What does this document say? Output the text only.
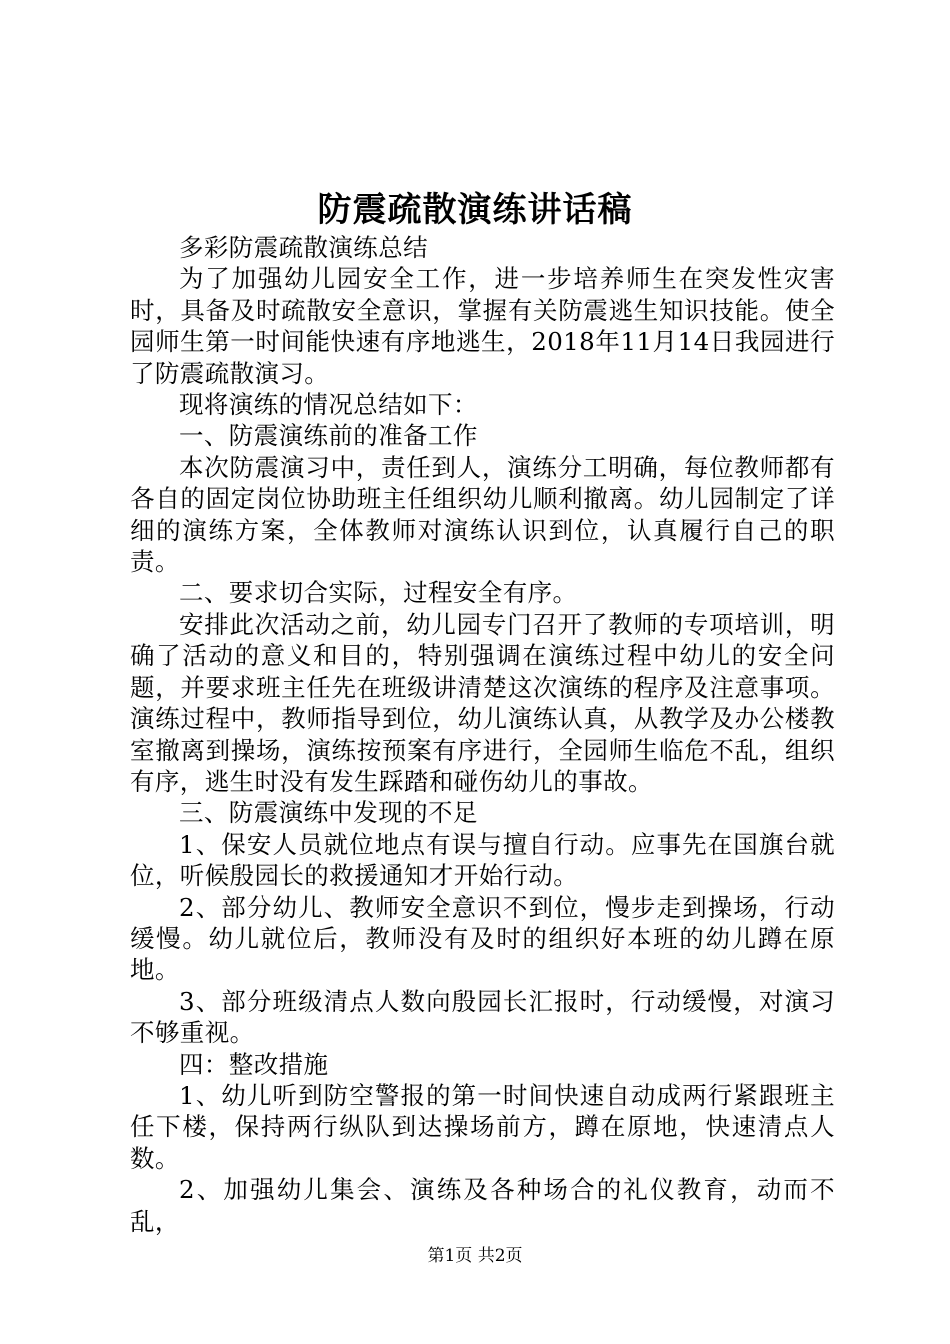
防震疏散演练讲话稿

多彩防震疏散演练总结

为了加强幼儿园安全工作，进一步培养师生在突发性灾害时，具备及时疏散安全意识，掌握有关防震逃生知识技能。使全园师生第一时间能快速有序地逃生，2018年11月14日我园进行了防震疏散演习。

现将演练的情况总结如下：

一、防震演练前的准备工作

本次防震演习中，责任到人，演练分工明确，每位教师都有各自的固定岗位协助班主任组织幼儿顺利撤离。幼儿园制定了详细的演练方案，全体教师对演练认识到位，认真履行自己的职责。

二、要求切合实际，过程安全有序。

安排此次活动之前，幼儿园专门召开了教师的专项培训，明确了活动的意义和目的，特别强调在演练过程中幼儿的安全问题，并要求班主任先在班级讲清楚这次演练的程序及注意事项。演练过程中，教师指导到位，幼儿演练认真，从教学及办公楼教室撤离到操场，演练按预案有序进行，全园师生临危不乱，组织有序，逃生时没有发生踩踏和碰伤幼儿的事故。

三、防震演练中发现的不足

1、保安人员就位地点有误与擅自行动。应事先在国旗台就位，听候殷园长的救援通知才开始行动。

2、部分幼儿、教师安全意识不到位，慢步走到操场，行动缓慢。幼儿就位后，教师没有及时的组织好本班的幼儿蹲在原地。

3、部分班级清点人数向殷园长汇报时，行动缓慢，对演习不够重视。

四：整改措施

1、幼儿听到防空警报的第一时间快速自动成两行紧跟班主任下楼，保持两行纵队到达操场前方，蹲在原地，快速清点人数。

2、加强幼儿集会、演练及各种场合的礼仪教育，动而不乱，

第1页 共2页
